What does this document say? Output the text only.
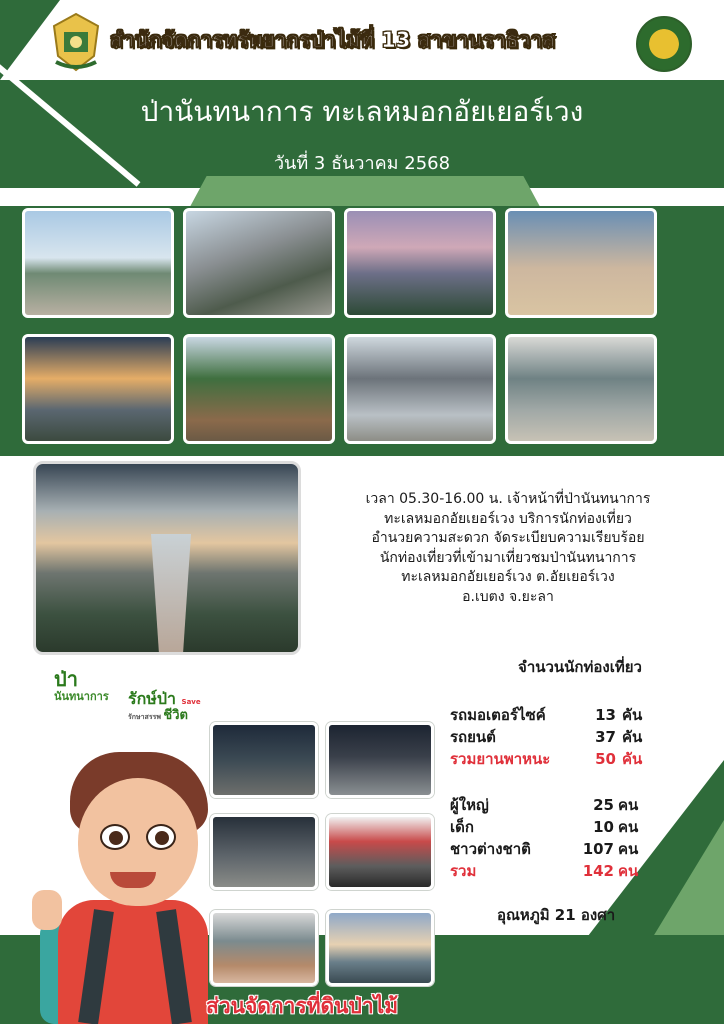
สำนักจัดการทรัพยากรป่าไม้ที่ 13 สาขานราธิวาส
ป่านันทนาการ ทะเลหมอกอัยเยอร์เวง
วันที่ 3 ธันวาคม 2568
เวลา 05.30-16.00 น. เจ้าหน้าที่ป่านันทนาการ
ทะเลหมอกอัยเยอร์เวง บริการนักท่องเที่ยว
อำนวยความสะดวก จัดระเบียบความเรียบร้อย
นักท่องเที่ยวที่เข้ามาเที่ยวชมป่านันทนาการ
ทะเลหมอกอัยเยอร์เวง ต.อัยเยอร์เวง
อ.เบตง จ.ยะลา
ป่า
นันทนาการ	รักษ์ป่า Save
รักษาสรรพ ชีวิต
จำนวนนักท่องเที่ยว
รถมอเตอร์ไซค์	13 คัน
รถยนต์	37 คัน
รวมยานพาหนะ	50 คัน
ผู้ใหญ่	25 คน
เด็ก	10 คน
ชาวต่างชาติ	107 คน
รวม	142 คน
อุณหภูมิ 21 องศา
ส่วนจัดการที่ดินป่าไม้
